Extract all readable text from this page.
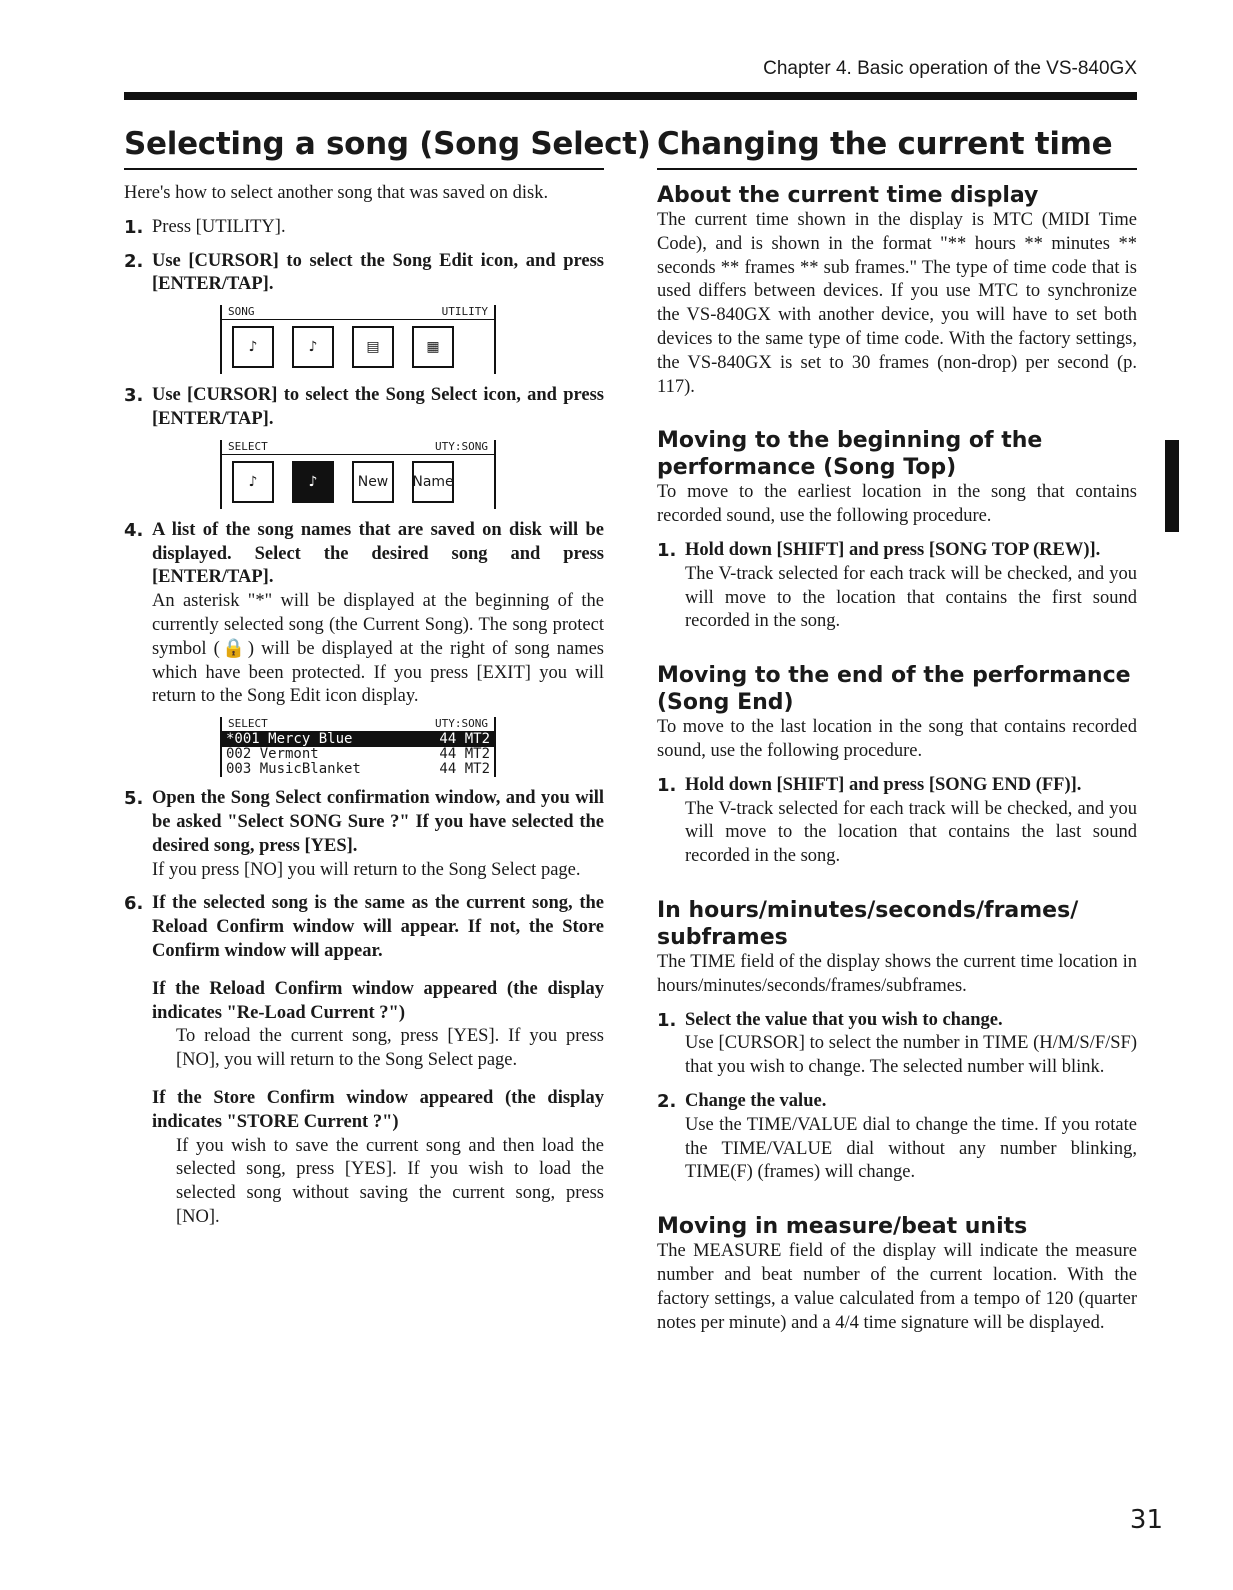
Chapter 4. Basic operation of the VS-840GX
Selecting a song (Song Select)

Here's how to select another song that was saved on disk.

1. Press [UTILITY].
2. Use [CURSOR] to select the Song Edit icon, and press [ENTER/TAP].
SONG	UTILITY
♪	♪	▤	▦
3. Use [CURSOR] to select the Song Select icon, and press [ENTER/TAP].
SELECT	UTY:SONG
♪	♪	New	Name
4. A list of the song names that are saved on disk will be displayed. Select the desired song and press [ENTER/TAP].
An asterisk "*" will be displayed at the beginning of the currently selected song (the Current Song). The song protect symbol (🔒) will be displayed at the right of song names which have been protected. If you press [EXIT] you will return to the Song Edit icon display.
SELECT	UTY:SONG
*001 Mercy Blue	44 MT2
002 Vermont	44 MT2
003 MusicBlanket	44 MT2
5. Open the Song Select confirmation window, and you will be asked "Select SONG Sure ?" If you have selected the desired song, press [YES].
If you press [NO] you will return to the Song Select page.
6. If the selected song is the same as the current song, the Reload Confirm window will appear. If not, the Store Confirm window will appear.

If the Reload Confirm window appeared (the display indicates "Re-Load Current ?")

To reload the current song, press [YES]. If you press [NO], you will return to the Song Select page.

If the Store Confirm window appeared (the display indicates "STORE Current ?")

If you wish to save the current song and then load the selected song, press [YES]. If you wish to load the selected song without saving the current song, press [NO].

Changing the current time
About the current time display

The current time shown in the display is MTC (MIDI Time Code), and is shown in the format "** hours ** minutes ** seconds ** frames ** sub frames." The type of time code that is used differs between devices. If you use MTC to synchronize the VS-840GX with another device, you will have to set both devices to the same type of time code. With the factory settings, the VS-840GX is set to 30 frames (non-drop) per second (p. 117).

Moving to the beginning of the performance (Song Top)

To move to the earliest location in the song that contains recorded sound, use the following procedure.

1. Hold down [SHIFT] and press [SONG TOP (REW)].
The V-track selected for each track will be checked, and you will move to the location that contains the first sound recorded in the song.
Moving to the end of the performance (Song End)

To move to the last location in the song that contains recorded sound, use the following procedure.

1. Hold down [SHIFT] and press [SONG END (FF)].
The V-track selected for each track will be checked, and you will move to the location that contains the last sound recorded in the song.
In hours/minutes/seconds/frames/ subframes

The TIME field of the display shows the current time location in hours/minutes/seconds/frames/subframes.

1. Select the value that you wish to change.
Use [CURSOR] to select the number in TIME (H/M/S/F/SF) that you wish to change. The selected number will blink.
2. Change the value.
Use the TIME/VALUE dial to change the time. If you rotate the TIME/VALUE dial without any number blinking, TIME(F) (frames) will change.
Moving in measure/beat units

The MEASURE field of the display will indicate the measure number and beat number of the current location. With the factory settings, a value calculated from a tempo of 120 (quarter notes per minute) and a 4/4 time signature will be displayed.

31
